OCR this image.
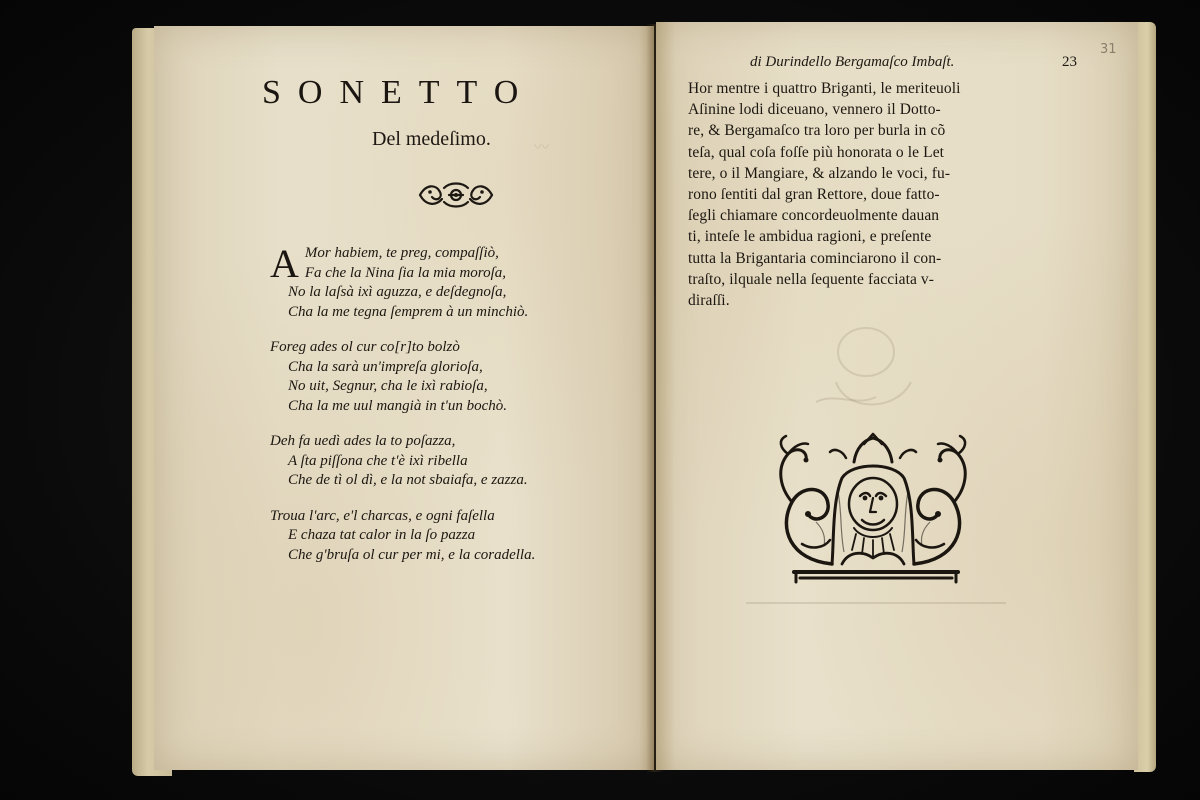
〰
SONETTO
Del medeſimo.
A Mor habiem, te preg, compaſſiò,
Fa che la Nina ſia la mia moroſa,
No la laſsà ixì aguzza, e deſdegnoſa,
Cha la me tegna ſemprem à un minchiò.
Foreg ades ol cur co[r]to bolzò
Cha la sarà un'impreſa glorioſa,
No uit, Segnur, cha le ixì rabioſa,
Cha la me uul mangià in t'un bochò.
Deh fa uedì ades la to poſazza,
A ſta piſſona che t'è ixì ribella
Che de tì ol dì, e la not sbaiafa, e zazza.
Troua l'arc, e'l charcas, e ogni faſella
E chaza tat calor in la ſo pazza
Che g'bruſa ol cur per mi, e la coradella.
di Durindello Bergamaſco Imbaſt.	23
31
Hor mentre i quattro Briganti, le meriteuoli
Aſinine lodi diceuano, vennero il Dotto-
re, & Bergamaſco tra loro per burla in cõ
teſa, qual coſa foſſe più honorata o le Let
tere, o il Mangiare, & alzando le voci, fu-
rono ſentiti dal gran Rettore, doue fatto-
ſegli chiamare concordeuolmente dauan
ti, inteſe le ambidua ragioni, e preſente
tutta la Brigantaria cominciarono il con-
traſto, ilquale nella ſequente facciata v-
diraſſi.
